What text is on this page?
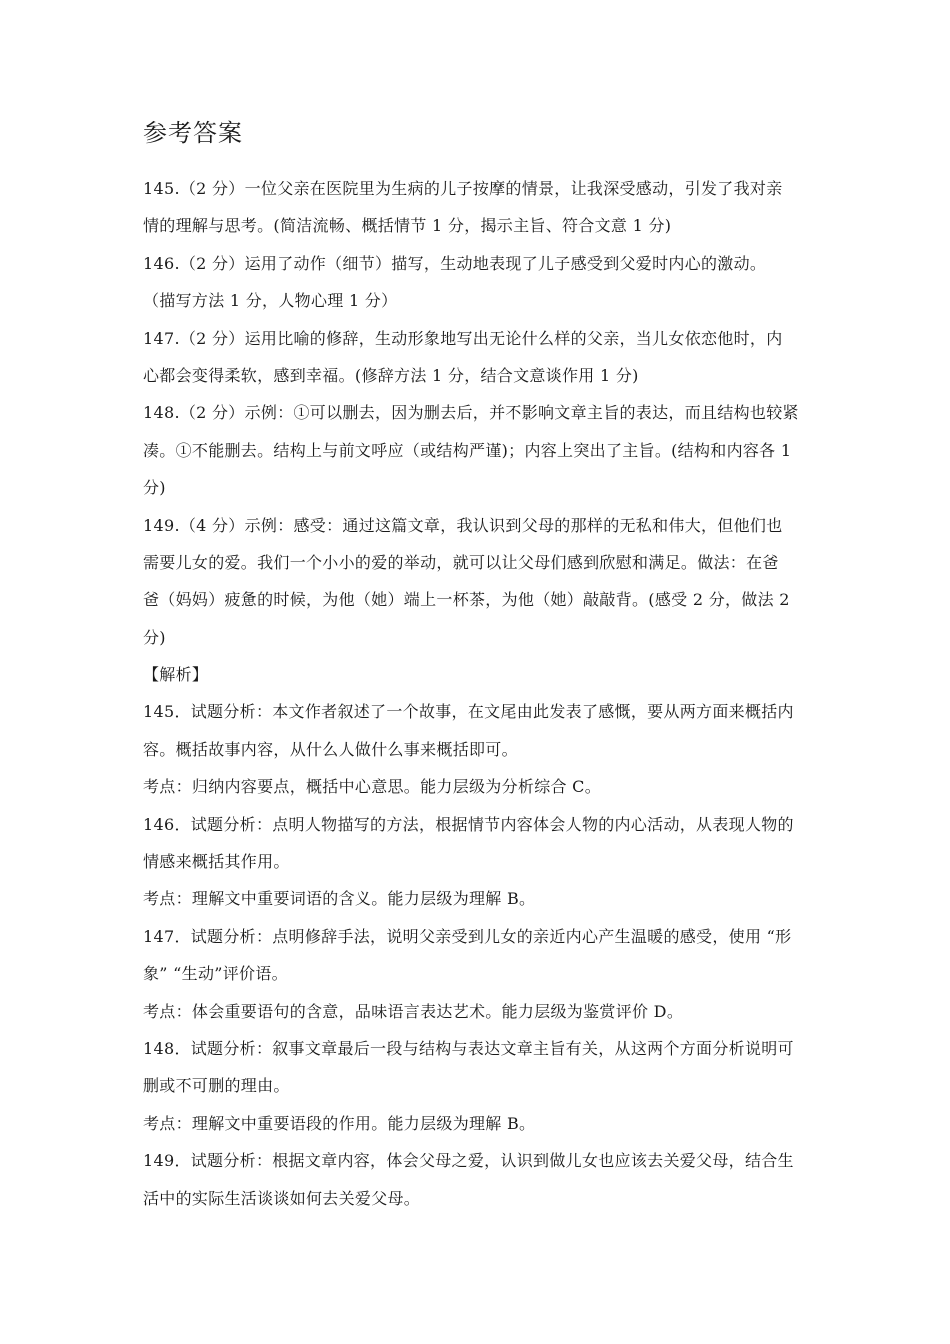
参考答案
145.（2 分）一位父亲在医院里为生病的儿子按摩的情景，让我深受感动，引发了我对亲
情的理解与思考。(简洁流畅、概括情节 1 分，揭示主旨、符合文意 1 分)
146.（2 分）运用了动作（细节）描写，生动地表现了儿子感受到父爱时内心的激动。
（描写方法 1 分，人物心理 1 分）
147.（2 分）运用比喻的修辞，生动形象地写出无论什么样的父亲，当儿女依恋他时，内
心都会变得柔软，感到幸福。(修辞方法 1 分，结合文意谈作用 1 分)
148.（2 分）示例：①可以删去，因为删去后，并不影响文章主旨的表达，而且结构也较紧
凑。①不能删去。结构上与前文呼应（或结构严谨)；内容上突出了主旨。(结构和内容各 1
分)
149.（4 分）示例：感受：通过这篇文章，我认识到父母的那样的无私和伟大，但他们也
需要儿女的爱。我们一个小小的爱的举动，就可以让父母们感到欣慰和满足。做法：在爸
爸（妈妈）疲惫的时候，为他（她）端上一杯茶，为他（她）敲敲背。(感受 2 分，做法 2
分)
【解析】
145．试题分析：本文作者叙述了一个故事，在文尾由此发表了感慨，要从两方面来概括内
容。概括故事内容，从什么人做什么事来概括即可。
考点：归纳内容要点，概括中心意思。能力层级为分析综合 C。
146．试题分析：点明人物描写的方法，根据情节内容体会人物的内心活动，从表现人物的
情感来概括其作用。
考点：理解文中重要词语的含义。能力层级为理解 B。
147．试题分析：点明修辞手法，说明父亲受到儿女的亲近内心产生温暖的感受，使用 “形
象” “生动”评价语。
考点：体会重要语句的含意，品味语言表达艺术。能力层级为鉴赏评价 D。
148．试题分析：叙事文章最后一段与结构与表达文章主旨有关，从这两个方面分析说明可
删或不可删的理由。
考点：理解文中重要语段的作用。能力层级为理解 B。
149．试题分析：根据文章内容，体会父母之爱，认识到做儿女也应该去关爱父母，结合生
活中的实际生活谈谈如何去关爱父母。
